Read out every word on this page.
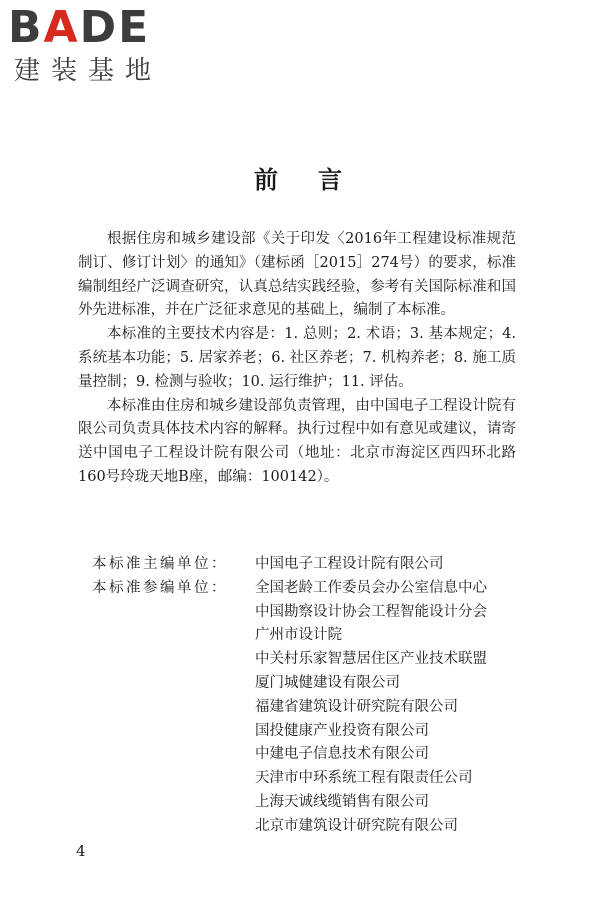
BADE
建装基地
前言

根据住房和城乡建设部《关于印发〈2016年工程建设标准规范制订、修订计划〉的通知》（建标函［2015］274号）的要求，标准编制组经广泛调查研究，认真总结实践经验，参考有关国际标准和国外先进标准，并在广泛征求意见的基础上，编制了本标准。

本标准的主要技术内容是：1. 总则；2. 术语；3. 基本规定；4. 系统基本功能；5. 居家养老；6. 社区养老；7. 机构养老；8. 施工质量控制；9. 检测与验收；10. 运行维护；11. 评估。

本标准由住房和城乡建设部负责管理，由中国电子工程设计院有限公司负责具体技术内容的解释。执行过程中如有意见或建议，请寄送中国电子工程设计院有限公司（地址：北京市海淀区西四环北路160号玲珑天地B座，邮编：100142）。

本标准主编单位：	中国电子工程设计院有限公司
本标准参编单位：	全国老龄工作委员会办公室信息中心
中国勘察设计协会工程智能设计分会
广州市设计院
中关村乐家智慧居住区产业技术联盟
厦门城健建设有限公司
福建省建筑设计研究院有限公司
国投健康产业投资有限公司
中建电子信息技术有限公司
天津市中环系统工程有限责任公司
上海天诚线缆销售有限公司
北京市建筑设计研究院有限公司
4
